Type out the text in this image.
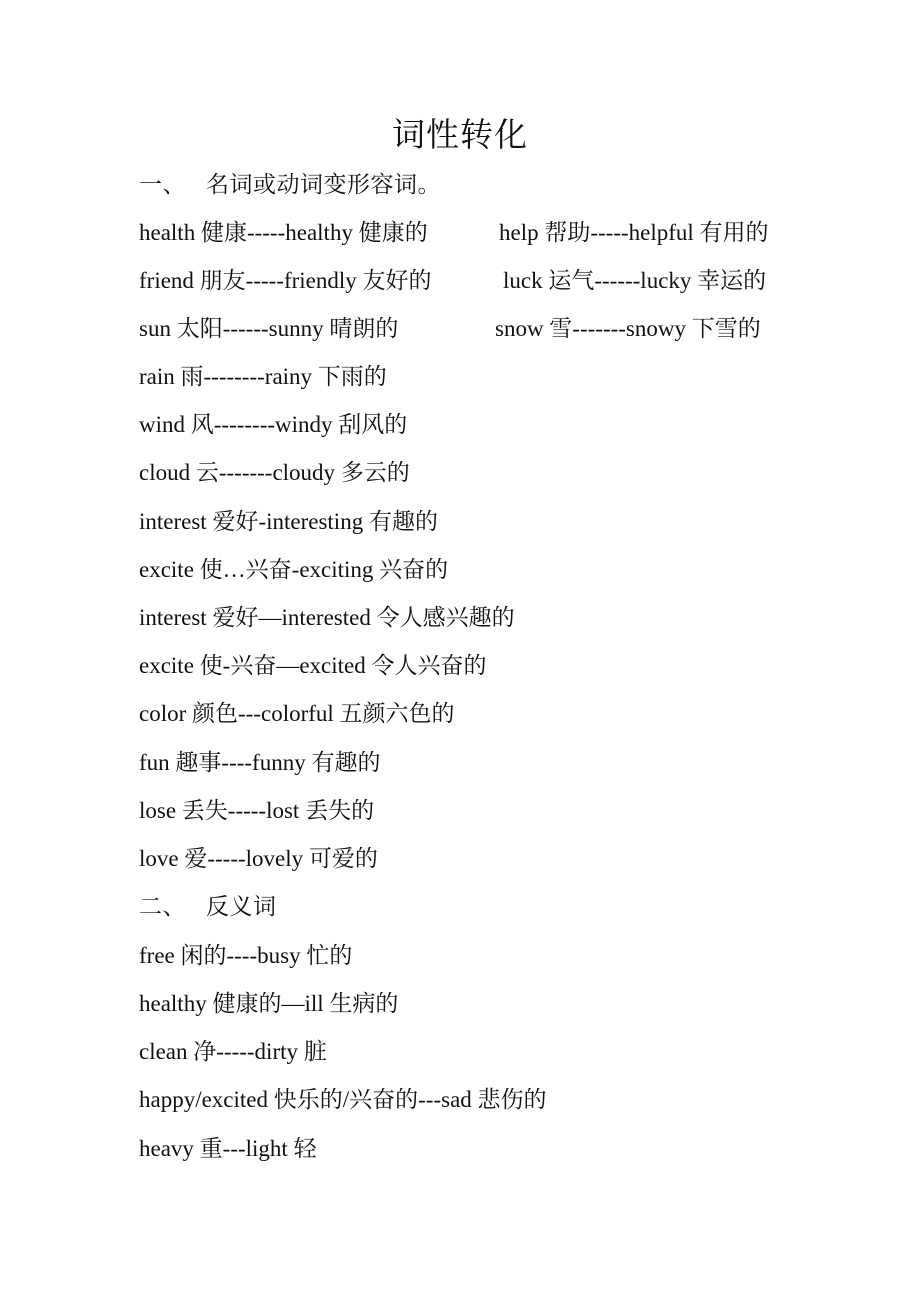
词性转化
一、 名词或动词变形容词。
health 健康-----healthy 健康的	help 帮助-----helpful 有用的
friend 朋友-----friendly 友好的	luck 运气------lucky 幸运的
sun 太阳------sunny 晴朗的	snow 雪-------snowy 下雪的
rain 雨--------rainy 下雨的
wind 风--------windy 刮风的
cloud 云-------cloudy 多云的
interest 爱好-interesting 有趣的
excite 使…兴奋-exciting 兴奋的
interest 爱好—interested 令人感兴趣的
excite 使-兴奋—excited 令人兴奋的
color 颜色---colorful 五颜六色的
fun 趣事----funny 有趣的
lose 丢失-----lost 丢失的
love 爱-----lovely 可爱的
二、 反义词
free 闲的----busy 忙的
healthy 健康的—ill 生病的
clean 净-----dirty 脏
happy/excited 快乐的/兴奋的---sad 悲伤的
heavy 重---light 轻
